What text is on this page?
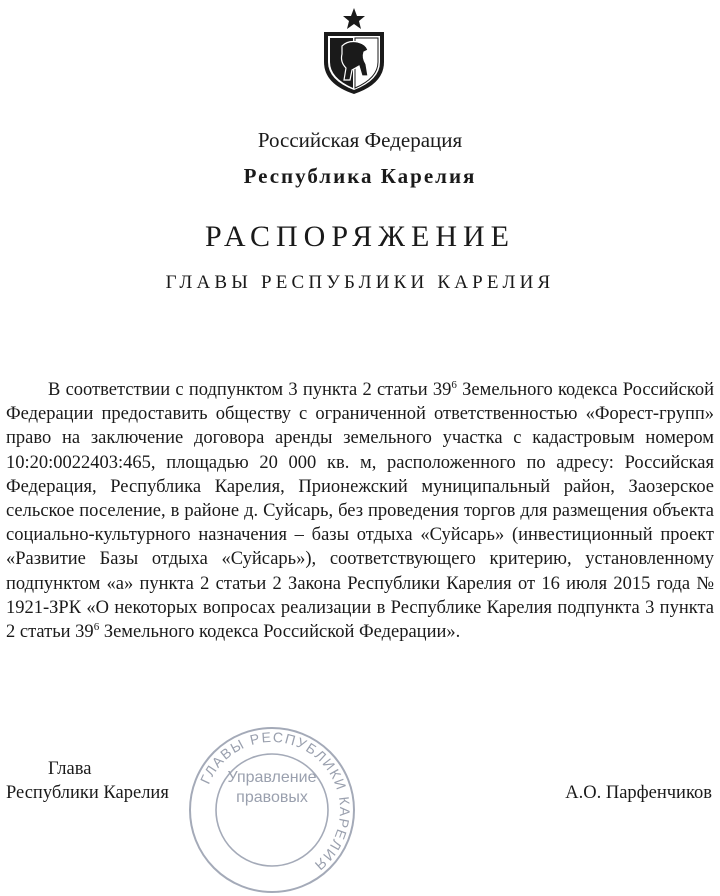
Российская Федерация
Республика Карелия
РАСПОРЯЖЕНИЕ
ГЛАВЫ РЕСПУБЛИКИ КАРЕЛИЯ

В соответствии с подпунктом 3 пункта 2 статьи $39^6$ Земельного кодекса Российской Федерации предоставить обществу с ограниченной ответственностью «Форест-групп» право на заключение договора аренды земельного участка с кадастровым номером 10:20:0022403:465, площадью 20 000 кв. м, расположенного по адресу: Российская Федерация, Республика Карелия, Прионежский муниципальный район, Заозерское сельское поселение, в районе д. Суйсарь, без проведения торгов для размещения объекта социально-культурного назначения – базы отдыха «Суйсарь» (инвестиционный проект «Развитие Базы отдыха «Суйсарь»), соответствующего критерию, установленному подпунктом «а» пункта 2 статьи 2 Закона Республики Карелия от 16 июля 2015 года № 1921-ЗРК «О некоторых вопросах реализации в Республике Карелия подпункта 3 пункта 2 статьи $39^6$ Земельного кодекса Российской Федерации».

ГЛАВЫ РЕСПУБЛИКИ КАРЕЛИЯ
Управление
правовых
Глава
Республики Карелия	А.О. Парфенчиков
